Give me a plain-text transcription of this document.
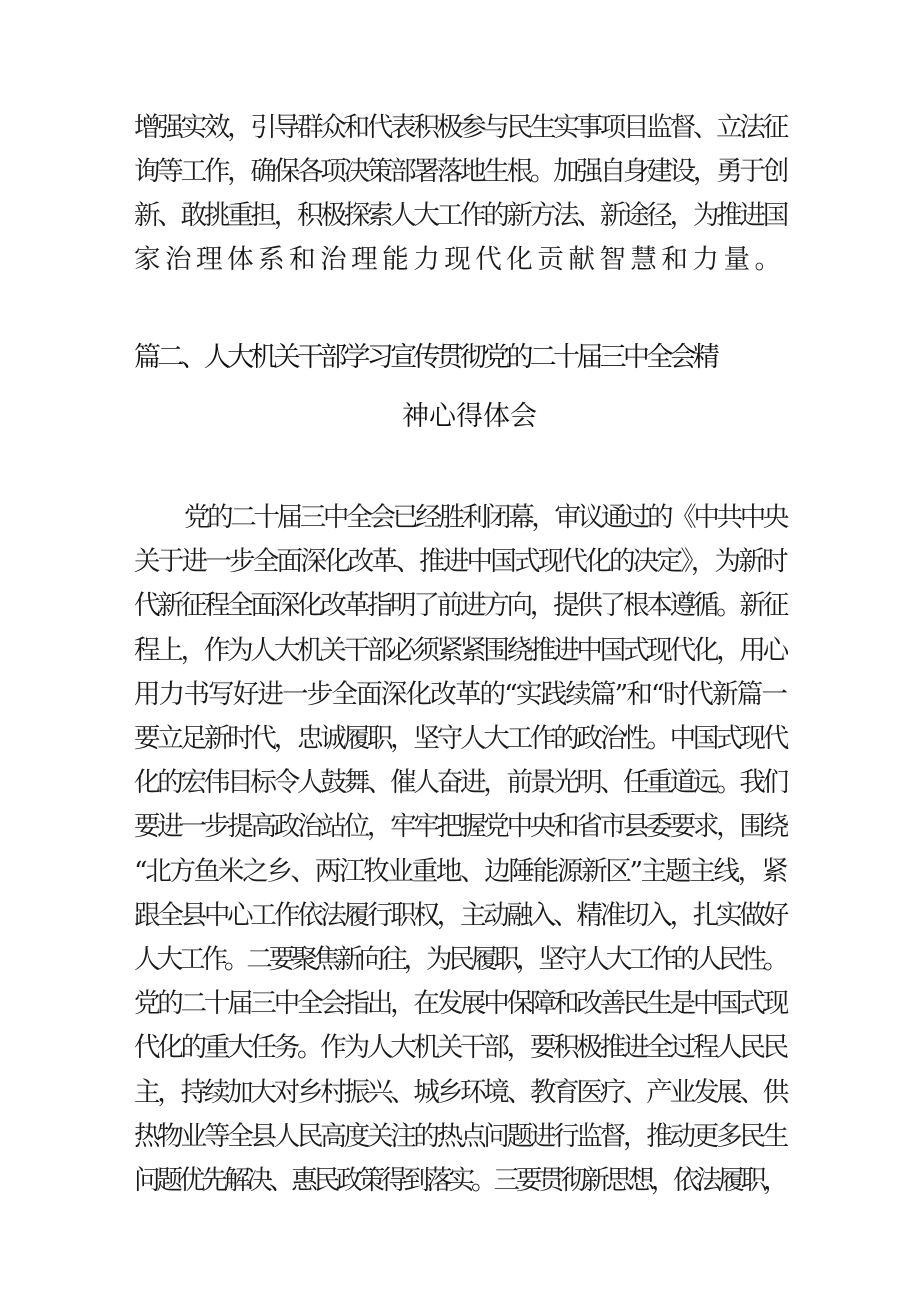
增强实效，引导群众和代表积极参与民生实事项目监督、立法征
询等工作，确保各项决策部署落地生根。加强自身建设，勇于创
新、敢挑重担，积极探索人大工作的新方法、新途径，为推进国
家治理体系和治理能力现代化贡献智慧和力量。
篇二、人大机关干部学习宣传贯彻党的二十届三中全会精
神心得体会
党的二十届三中全会已经胜利闭幕，审议通过的《中共中央
关于进一步全面深化改革、推进中国式现代化的决定》，为新时
代新征程全面深化改革指明了前进方向，提供了根本遵循。新征
程上，作为人大机关干部必须紧紧围绕推进中国式现代化，用心
用力书写好进一步全面深化改革的“实践续篇”和“时代新篇一
要立足新时代，忠诚履职，坚守人大工作的政治性。中国式现代
化的宏伟目标令人鼓舞、催人奋进，前景光明、任重道远。我们
要进一步提高政治站位，牢牢把握党中央和省市县委要求，围绕
“北方鱼米之乡、两江牧业重地、边陲能源新区”主题主线，紧
跟全县中心工作依法履行职权，主动融入、精准切入，扎实做好
人大工作。二要聚焦新向往，为民履职，坚守人大工作的人民性。
党的二十届三中全会指出，在发展中保障和改善民生是中国式现
代化的重大任务。作为人大机关干部，要积极推进全过程人民民
主，持续加大对乡村振兴、城乡环境、教育医疗、产业发展、供
热物业等全县人民高度关注的热点问题进行监督，推动更多民生
问题优先解决、惠民政策得到落实。三要贯彻新思想，依法履职，
